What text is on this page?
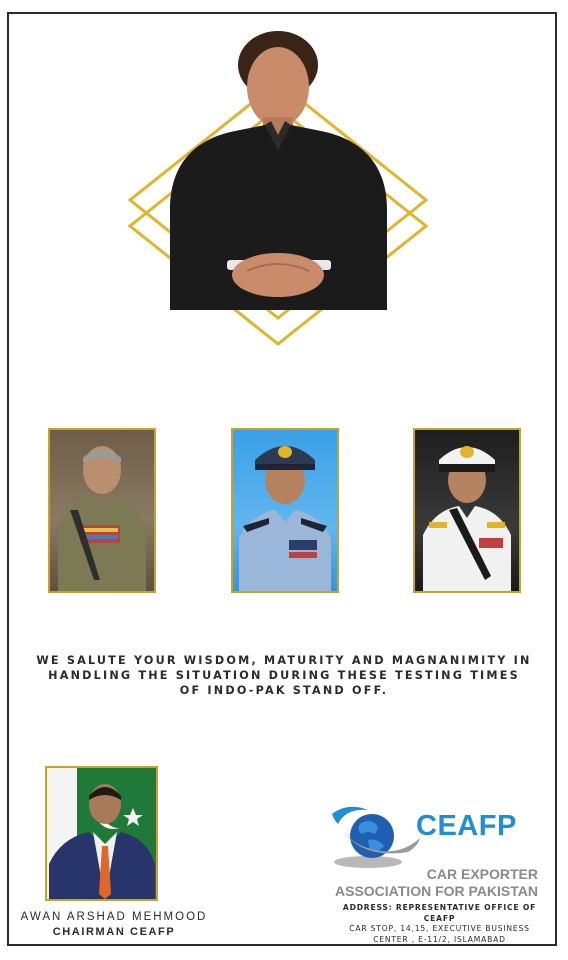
WE SALUTE YOUR WISDOM, MATURITY AND MAGNANIMITY IN
HANDLING THE SITUATION DURING THESE TESTING TIMES
OF INDO-PAK STAND OFF.
AWAN ARSHAD MEHMOOD
CHAIRMAN CEAFP
CEAFP
CAR EXPORTER
ASSOCIATION FOR PAKISTAN
ADDRESS: REPRESENTATIVE OFFICE OF CEAFP
CAR STOP, 14,15, EXECUTIVE BUSINESS
CENTER , E-11/2, ISLAMABAD
